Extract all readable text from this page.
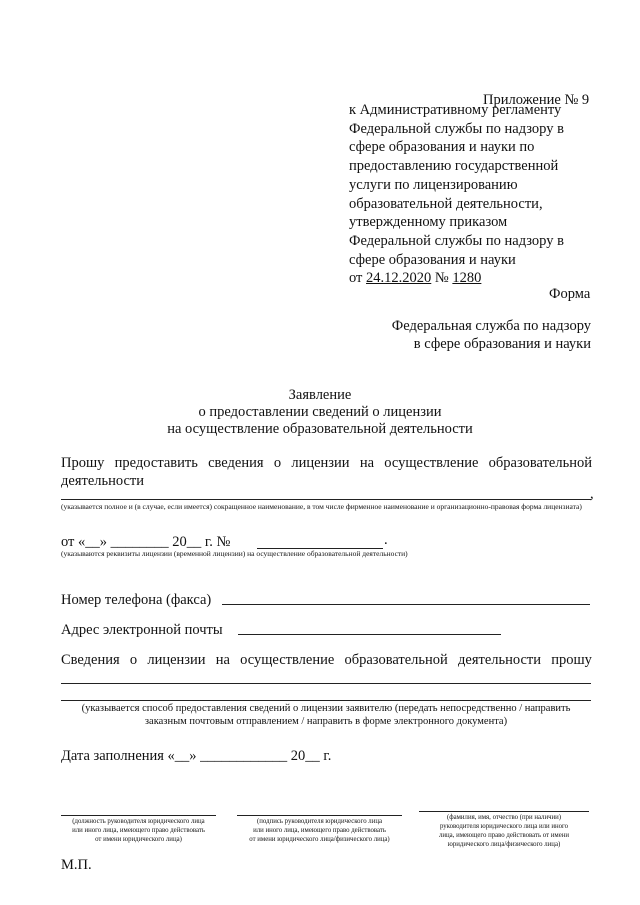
Приложение № 9
к Административному регламенту
Федеральной службы по надзору в
сфере образования и науки по
предоставлению государственной
услуги по лицензированию
образовательной деятельности,
утвержденному приказом
Федеральной службы по надзору в
сфере образования и науки
от 24.12.2020 № 1280
Форма
Федеральная служба по надзору
в сфере образования и науки
Заявление
о предоставлении сведений о лицензии
на осуществление образовательной деятельности
Прошу предоставить сведения о лицензии на осуществление образовательной
деятельности
,
(указывается полное и (в случае, если имеется) сокращенное наименование, в том числе фирменное наименование и организационно-правовая форма лицензиата)
от «__» ________ 20__ г. №	.
(указываются реквизиты лицензии (временной лицензии) на осуществление образовательной деятельности)
Номер телефона (факса)
Адрес электронной почты
Сведения о лицензии на осуществление образовательной деятельности прошу
(указывается способ предоставления сведений о лицензии заявителю (передать непосредственно / направить
заказным почтовым отправлением / направить в форме электронного документа)
Дата заполнения «__» ____________ 20__ г.
(должность руководителя юридического лица
или иного лица, имеющего право действовать
от имени юридического лица)
(подпись руководителя юридического лица
или иного лица, имеющего право действовать
от имени юридического лица/физического лица)
(фамилия, имя, отчество (при наличии)
руководителя юридического лица или иного
лица, имеющего право действовать от имени
юридического лица/физического лица)
М.П.
